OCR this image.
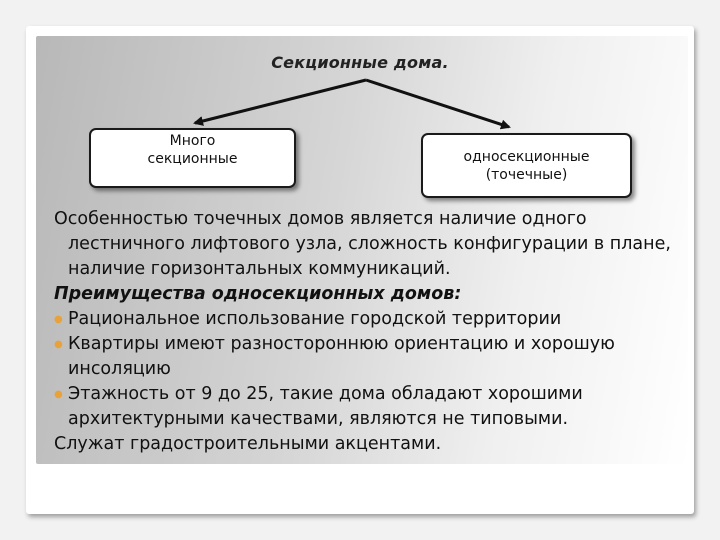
Секционные дома.
Много
секционные	односекционные
(точечные)

Особенностью точечных домов является наличие одного лестничного лифтового узла, сложность конфигурации в плане, наличие горизонтальных коммуникаций.

Преимущества односекционных домов:

● Рациональное использование городской территории
● Квартиры имеют разностороннюю ориентацию и хорошую инсоляцию
● Этажность от 9 до 25, такие дома обладают хорошими архитектурными качествами, являются не типовыми.

Служат градостроительными акцентами.
